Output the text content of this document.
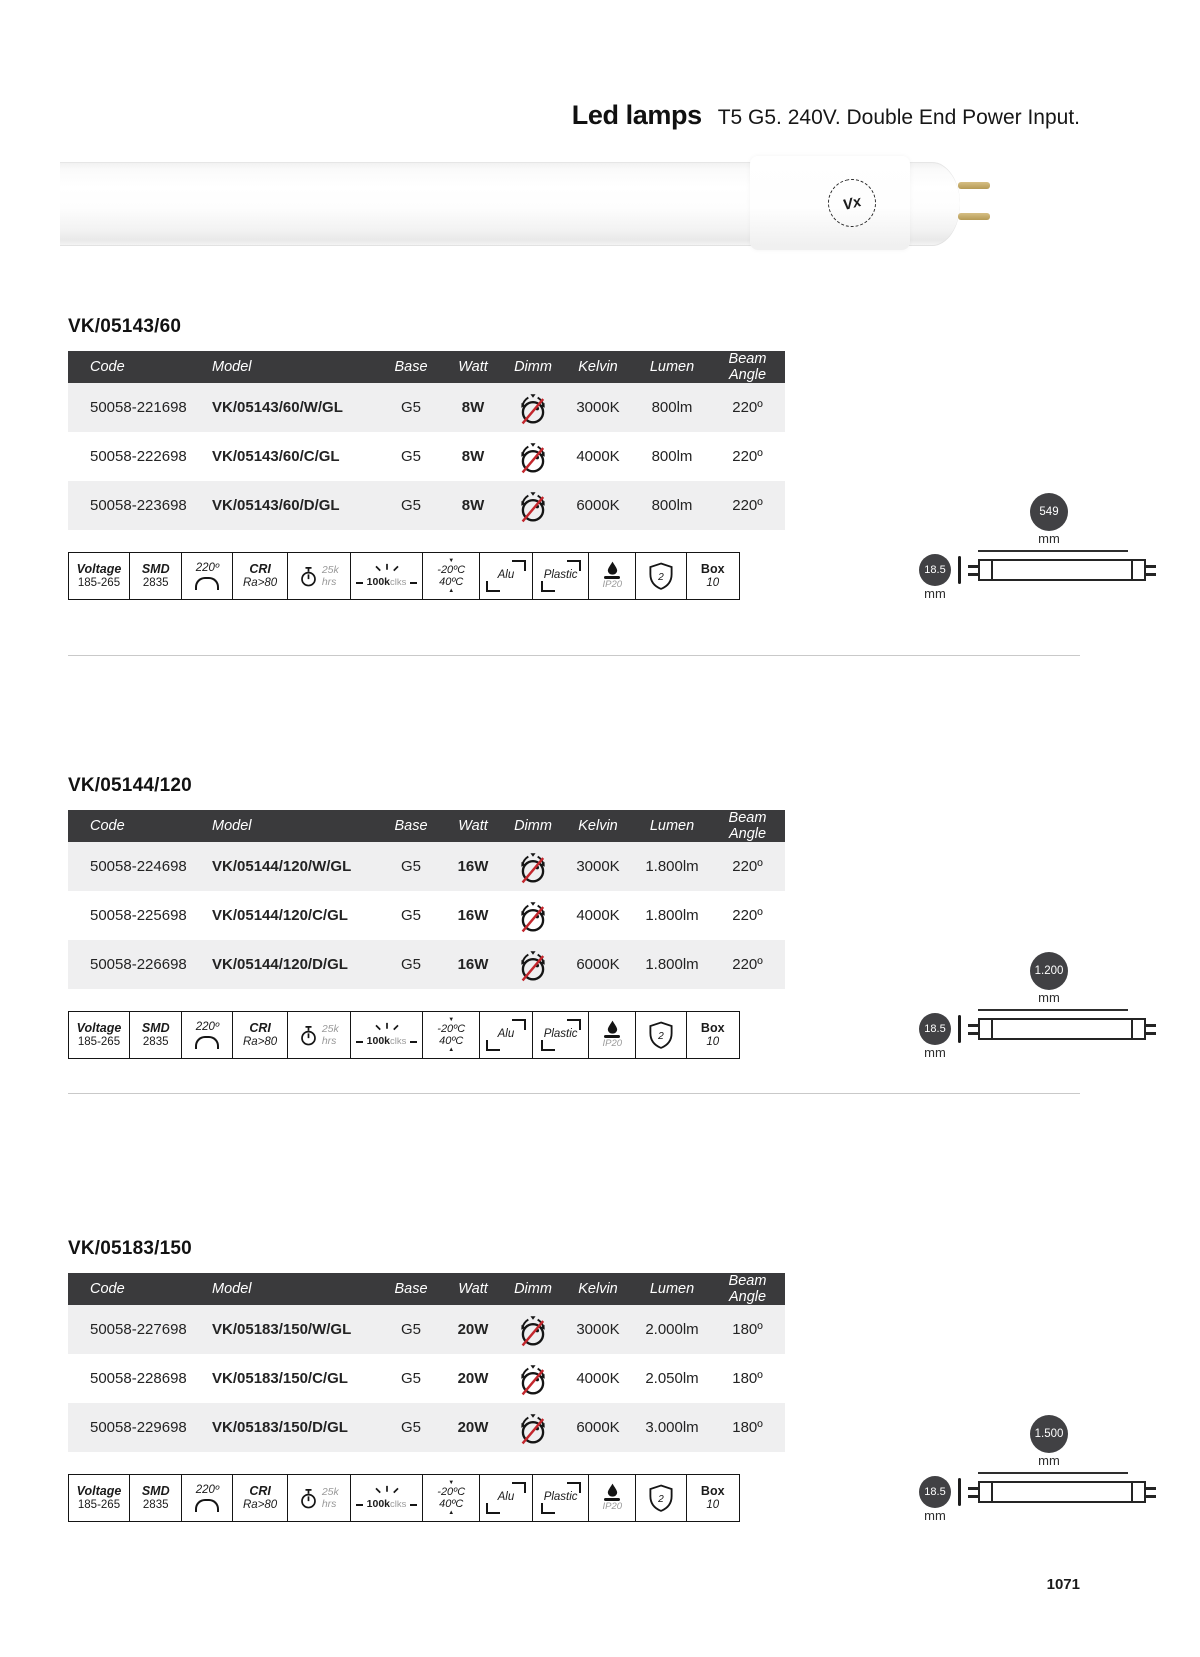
Led lamps T5 G5. 240V. Double End Power Input.
Vx
VK/05143/60
Code	Model	Base	Watt	Dimm	Kelvin	Lumen	Beam Angle
50058-221698	VK/05143/60/W/GL	G5	8W	3000K	800lm	220º
50058-222698	VK/05143/60/C/GL	G5	8W	4000K	800lm	220º
50058-223698	VK/05143/60/D/GL	G5	8W	6000K	800lm	220º
Voltage
185-265
SMD
2835
220º CRI
Ra>80
25k
hrs	100kclks
▼
-20ºC
40ºC
▲
Alu	Plastic
IP20
2
Box
10
549
mm
18.5
mm
VK/05144/120
Code	Model	Base	Watt	Dimm	Kelvin	Lumen	Beam Angle
50058-224698	VK/05144/120/W/GL	G5	16W	3000K	1.800lm	220º
50058-225698	VK/05144/120/C/GL	G5	16W	4000K	1.800lm	220º
50058-226698	VK/05144/120/D/GL	G5	16W	6000K	1.800lm	220º
Voltage
185-265
SMD
2835
220º CRI
Ra>80
25k
hrs	100kclks
▼
-20ºC
40ºC
▲
Alu	Plastic
IP20
2
Box
10
1.200
mm
18.5
mm
VK/05183/150
Code	Model	Base	Watt	Dimm	Kelvin	Lumen	Beam Angle
50058-227698	VK/05183/150/W/GL	G5	20W	3000K	2.000lm	180º
50058-228698	VK/05183/150/C/GL	G5	20W	4000K	2.050lm	180º
50058-229698	VK/05183/150/D/GL	G5	20W	6000K	3.000lm	180º
Voltage
185-265
SMD
2835
220º CRI
Ra>80
25k
hrs	100kclks
▼
-20ºC
40ºC
▲
Alu	Plastic
IP20
2
Box
10
1.500
mm
18.5
mm
1071
